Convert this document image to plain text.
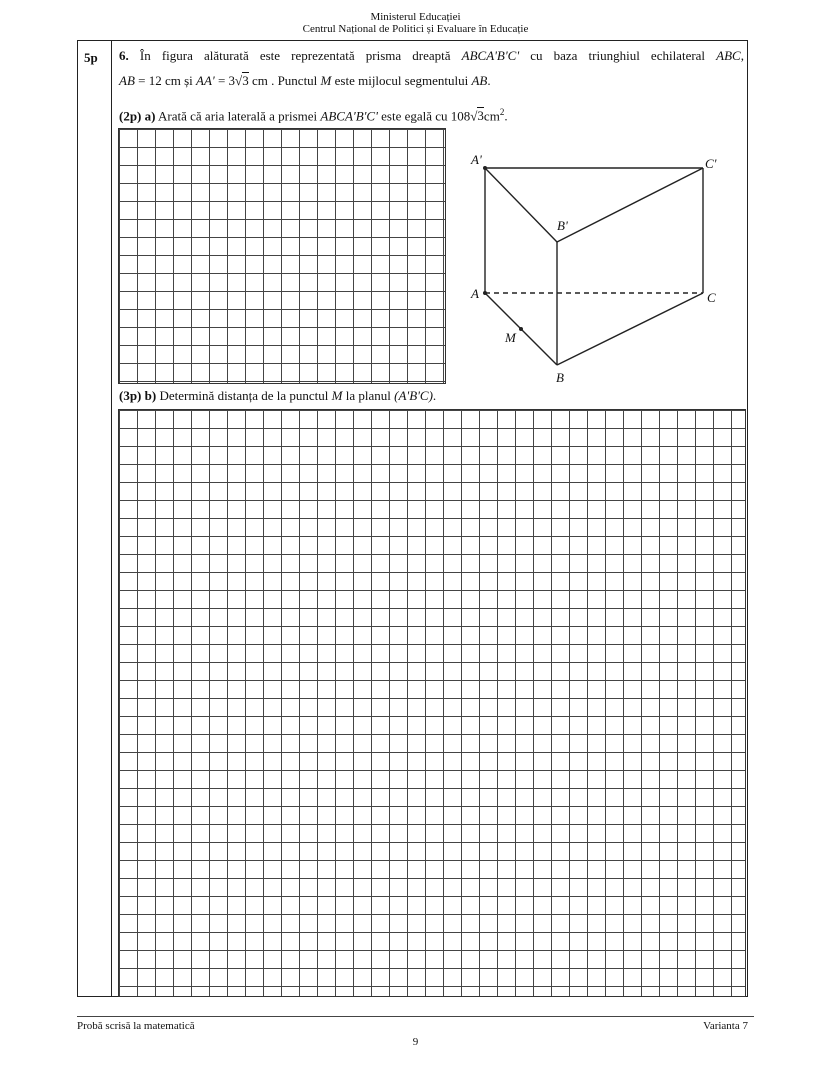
Ministerul Educației
Centrul Național de Politici și Evaluare în Educație
5p 6. În figura alăturată este reprezentată prisma dreaptă ABCA'B'C' cu baza triunghiul echilateral ABC,
AB = 12 cm și AA' = 3√3 cm . Punctul M este mijlocul segmentului AB.
(2p) a) Arată că aria laterală a prismei ABCA'B'C' este egală cu $108√3cm^2$.
A'	C'
B'
A	C
M
B
(3p) b) Determină distanța de la punctul M la planul (A'B'C).
Probă scrisă la matematică	Varianta 7
9
